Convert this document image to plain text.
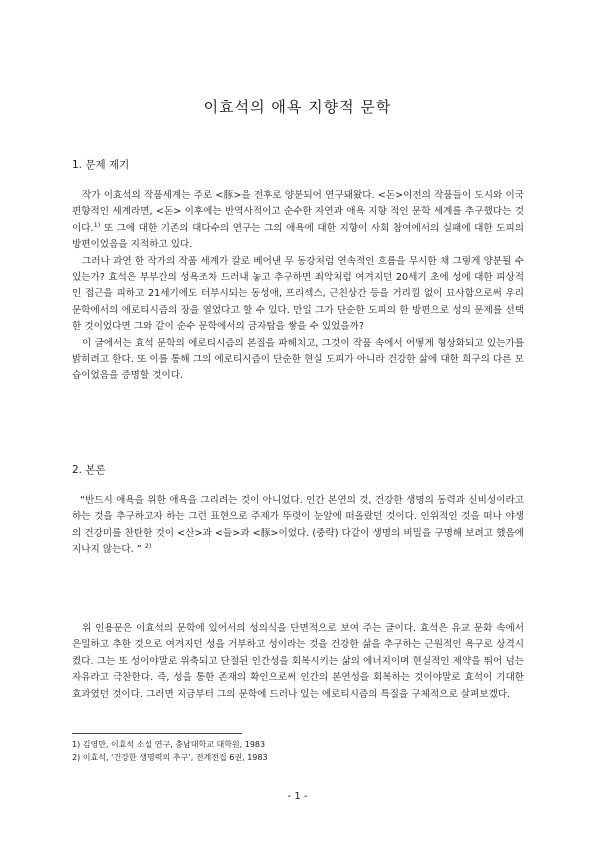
이효석의 애욕 지향적 문학
1. 문제 제기

작가 이효석의 작품세계는 주로 <豚>을 전후로 양분되어 연구돼왔다. <돈>이전의 작품들이 도시와 이국 편향적인 세계라면, <돈> 이후에는 반역사적이고 순수한 자연과 애욕 지향 적인 문학 세계를 추구했다는 것이다.$^{1)}$ 또 그에 대한 기존의 대다수의 연구는 그의 애욕에 대한 지향이 사회 참여에서의 실패에 대한 도피의 방편이었음을 지적하고 있다.

그러나 과연 한 작가의 작품 세계가 칼로 베어낸 무 동강처럼 연속적인 흐름을 무시한 채 그렇게 양분될 수 있는가? 효석은 부부간의 성욕조차 드러내 놓고 추구하면 죄악처럼 여겨지던 20세기 초에 성에 대한 피상적인 접근을 피하고 21세기에도 터부시되는 동성애, 프리섹스, 근친상간 등을 거리낌 없이 묘사함으로써 우리 문학에서의 에로티시즘의 장을 열었다고 할 수 있다. 만일 그가 단순한 도피의 한 방편으로 성의 문제를 선택한 것이었다면 그와 같이 순수 문학에서의 금자탑을 쌓을 수 있었을까?

이 글에서는 효석 문학의 에로티시즘의 본질을 파헤치고, 그것이 작품 속에서 어떻게 형상화되고 있는가를 밝히려고 한다. 또 이를 통해 그의 에로티시즘이 단순한 현실 도피가 아니라 건강한 삶에 대한 희구의 다른 모습이었음을 증명할 것이다.

2. 본론

“반드시 애욕을 위한 애욕을 그리려는 것이 아니었다. 인간 본연의 것, 건강한 생명의 동력과 신비성이라고 하는 것을 추구하고자 하는 그런 표현으로 주제가 뚜렷이 눈앞에 떠올랐던 것이다. 인위적인 것을 떠나 야생의 건강미를 찬탄한 것이 <산>과 <들>과 <豚>이었다. (중략) 다같이 생명의 비밀을 구명해 보려고 했음에 지나지 않는다. ” $^{2)}$

위 인용문은 이효석의 문학에 있어서의 성의식을 단면적으로 보여 주는 글이다. 효석은 유교 문화 속에서 은밀하고 추한 것으로 여겨지던 성을 거부하고 성이라는 것을 건강한 삶을 추구하는 근원적인 욕구로 상격시켰다. 그는 또 성이야말로 위축되고 단절된 인간성을 회복시키는 삶의 에너지이며 현실적인 제약을 뛰어 넘는 자유라고 극찬한다. 즉, 성을 통한 존재의 확인으로써 인간의 본연성을 회복하는 것이야말로 효석이 기대한 효과였던 것이다. 그러면 지금부터 그의 문학에 드러나 있는 에로티시즘의 특질을 구체적으로 살펴보겠다.

1) 김영만, 이효석 소설 연구, 충남대학교 대학원, 1983
2) 이효석, ‘건강한 생명력의 추구’, 전계전집 6권, 1983
- 1 -
